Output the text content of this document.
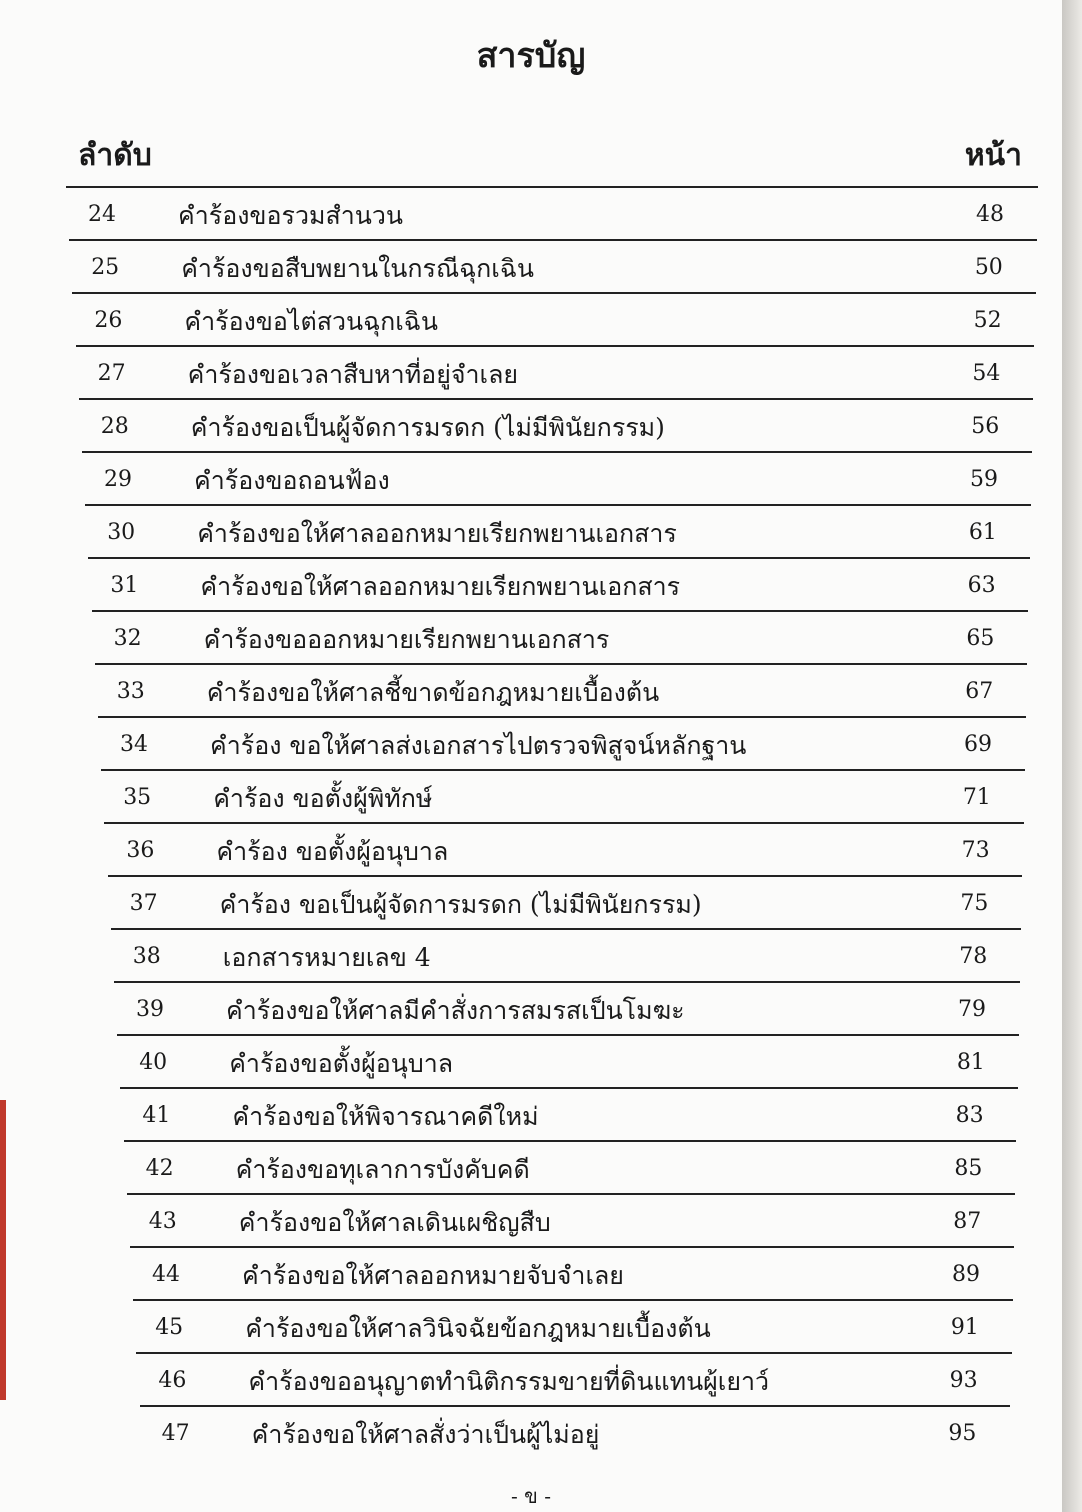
สารบัญ
ลำดับ	หน้า
24	คำร้องขอรวมสำนวน	48
25	คำร้องขอสืบพยานในกรณีฉุกเฉิน	50
26	คำร้องขอไต่สวนฉุกเฉิน	52
27	คำร้องขอเวลาสืบหาที่อยู่จำเลย	54
28	คำร้องขอเป็นผู้จัดการมรดก (ไม่มีพินัยกรรม)	56
29	คำร้องขอถอนฟ้อง	59
30	คำร้องขอให้ศาลออกหมายเรียกพยานเอกสาร	61
31	คำร้องขอให้ศาลออกหมายเรียกพยานเอกสาร	63
32	คำร้องขอออกหมายเรียกพยานเอกสาร	65
33	คำร้องขอให้ศาลชี้ขาดข้อกฎหมายเบื้องต้น	67
34	คำร้อง ขอให้ศาลส่งเอกสารไปตรวจพิสูจน์หลักฐาน	69
35	คำร้อง ขอตั้งผู้พิทักษ์	71
36	คำร้อง ขอตั้งผู้อนุบาล	73
37	คำร้อง ขอเป็นผู้จัดการมรดก (ไม่มีพินัยกรรม)	75
38	เอกสารหมายเลข 4	78
39	คำร้องขอให้ศาลมีคำสั่งการสมรสเป็นโมฆะ	79
40	คำร้องขอตั้งผู้อนุบาล	81
41	คำร้องขอให้พิจารณาคดีใหม่	83
42	คำร้องขอทุเลาการบังคับคดี	85
43	คำร้องขอให้ศาลเดินเผชิญสืบ	87
44	คำร้องขอให้ศาลออกหมายจับจำเลย	89
45	คำร้องขอให้ศาลวินิจฉัยข้อกฎหมายเบื้องต้น	91
46	คำร้องขออนุญาตทำนิติกรรมขายที่ดินแทนผู้เยาว์	93
47	คำร้องขอให้ศาลสั่งว่าเป็นผู้ไม่อยู่	95
- ข -
